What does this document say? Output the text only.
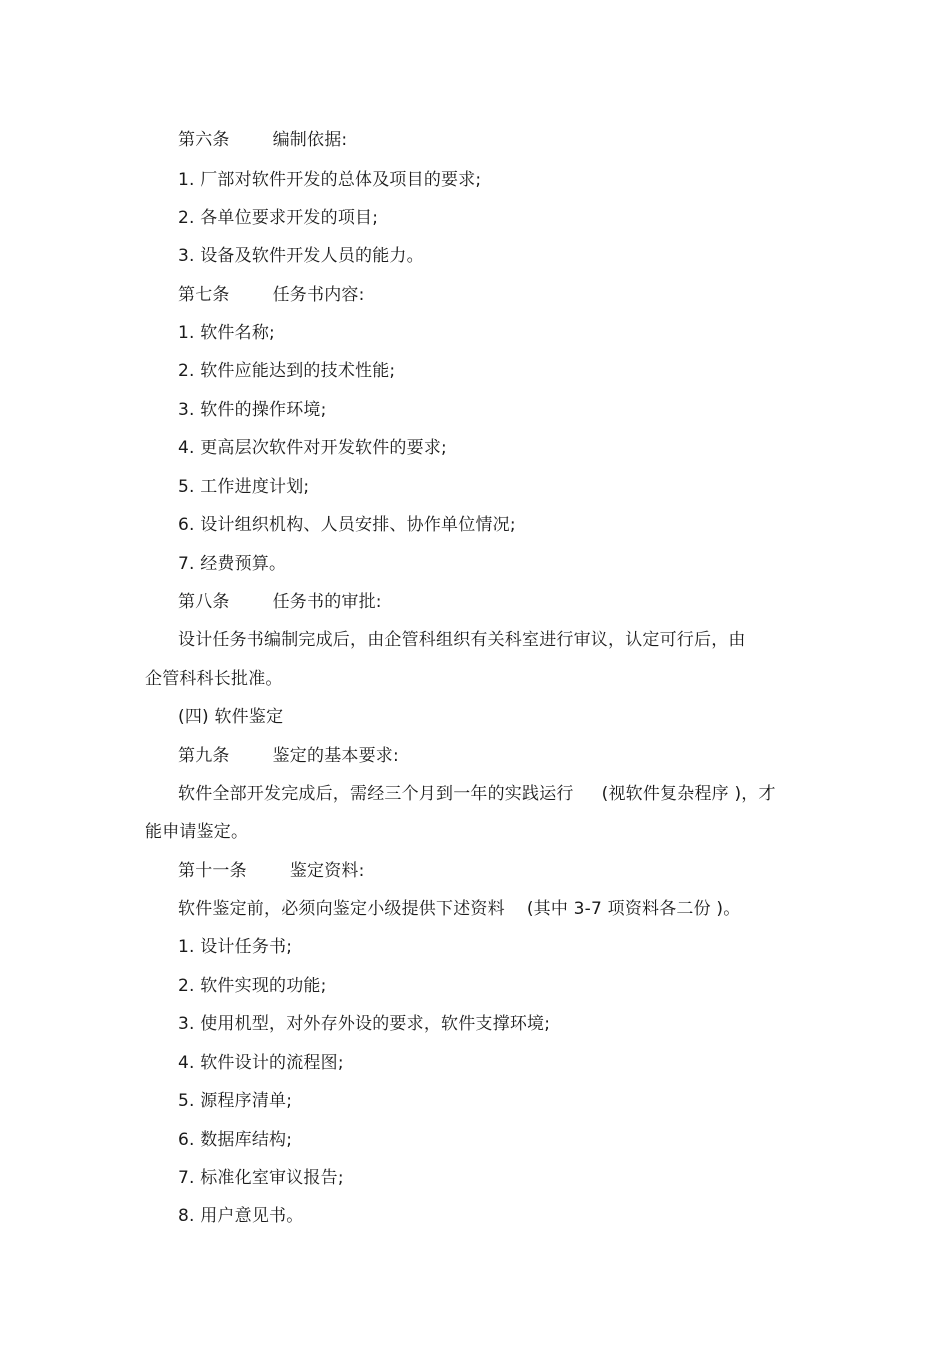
第六条	编制依据:
1. 厂部对软件开发的总体及项目的要求;
2. 各单位要求开发的项目;
3. 设备及软件开发人员的能力。
第七条	任务书内容:
1. 软件名称;
2. 软件应能达到的技术性能;
3. 软件的操作环境;
4. 更高层次软件对开发软件的要求;
5. 工作进度计划;
6. 设计组织机构、人员安排、协作单位情况;
7. 经费预算。
第八条	任务书的审批:
设计任务书编制完成后，由企管科组织有关科室进行审议，认定可行后，由
企管科科长批准。
(四) 软件鉴定
第九条	鉴定的基本要求:
软件全部开发完成后，需经三个月到一年的实践运行 (视软件复杂程序 )，才
能申请鉴定。
第十一条	鉴定资料:
软件鉴定前，必须向鉴定小级提供下述资料 (其中 3-7 项资料各二份 )。
1. 设计任务书;
2. 软件实现的功能;
3. 使用机型，对外存外设的要求，软件支撑环境;
4. 软件设计的流程图;
5. 源程序清单;
6. 数据库结构;
7. 标准化室审议报告;
8. 用户意见书。
